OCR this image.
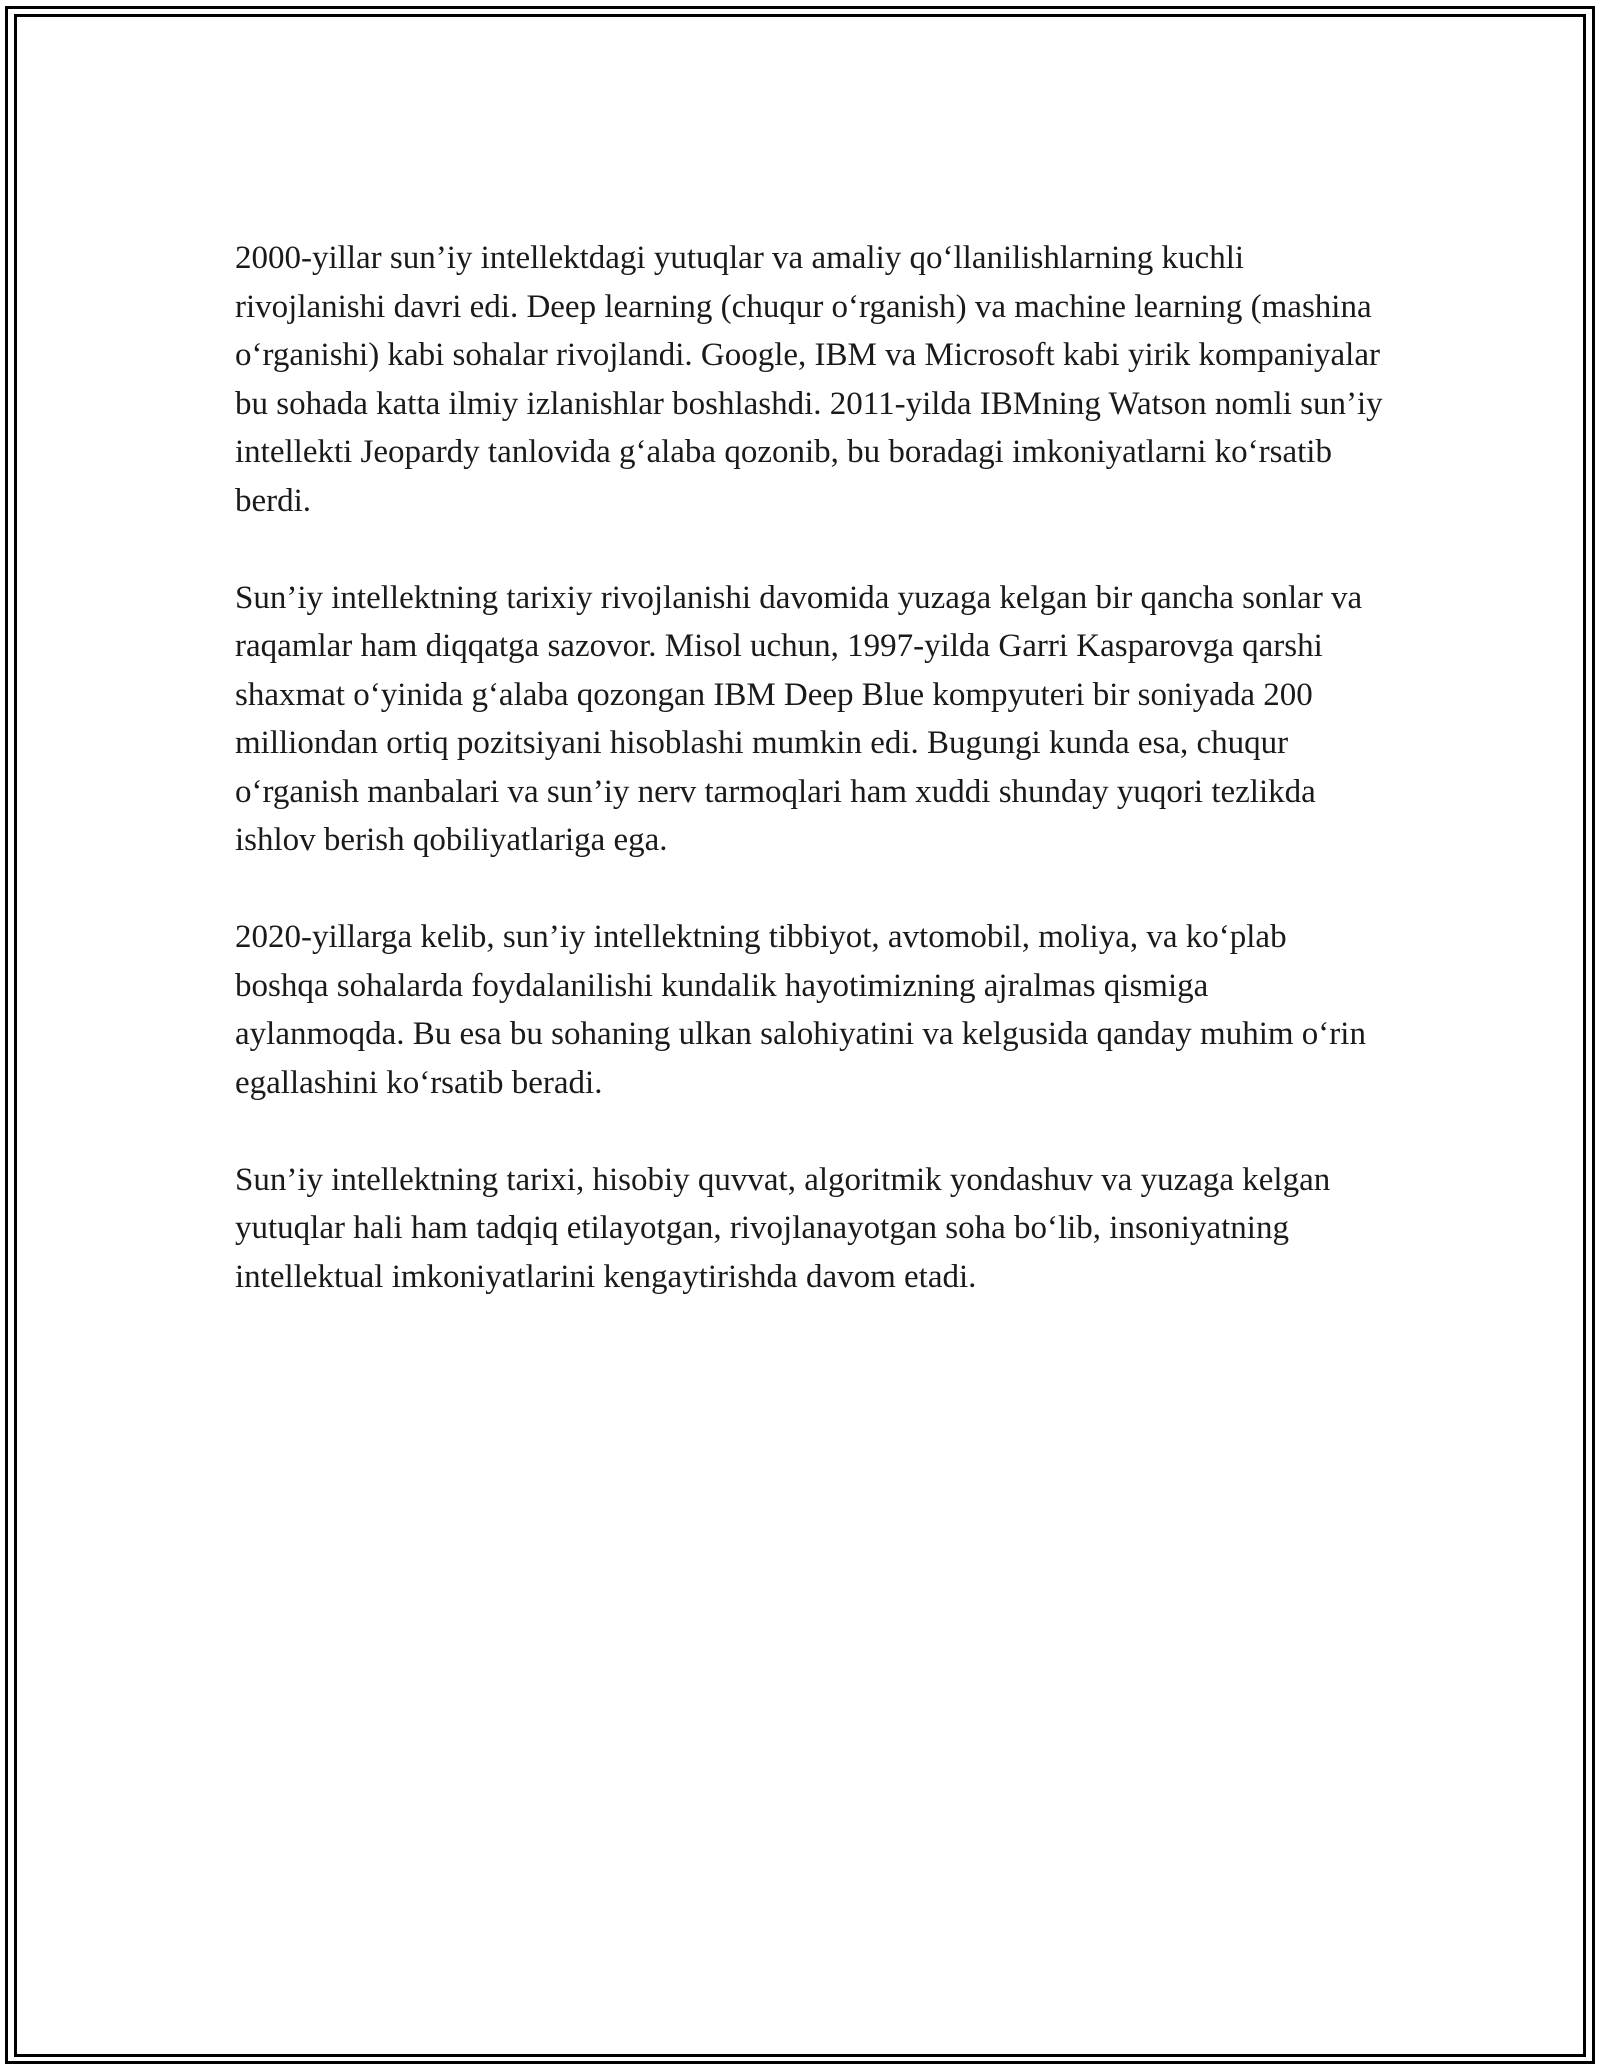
2000-yillar sun’iy intellektdagi yutuqlar va amaliy qo‘llanilishlarning kuchli rivojlanishi davri edi. Deep learning (chuqur o‘rganish) va machine learning (mashina o‘rganishi) kabi sohalar rivojlandi. Google, IBM va Microsoft kabi yirik kompaniyalar bu sohada katta ilmiy izlanishlar boshlashdi. 2011-yilda IBMning Watson nomli sun’iy intellekti Jeopardy tanlovida g‘alaba qozonib, bu boradagi imkoniyatlarni ko‘rsatib berdi.

Sun’iy intellektning tarixiy rivojlanishi davomida yuzaga kelgan bir qancha sonlar va raqamlar ham diqqatga sazovor. Misol uchun, 1997-yilda Garri Kasparovga qarshi shaxmat o‘yinida g‘alaba qozongan IBM Deep Blue kompyuteri bir soniyada 200 milliondan ortiq pozitsiyani hisoblashi mumkin edi. Bugungi kunda esa, chuqur o‘rganish manbalari va sun’iy nerv tarmoqlari ham xuddi shunday yuqori tezlikda ishlov berish qobiliyatlariga ega.

2020-yillarga kelib, sun’iy intellektning tibbiyot, avtomobil, moliya, va ko‘plab boshqa sohalarda foydalanilishi kundalik hayotimizning ajralmas qismiga aylanmoqda. Bu esa bu sohaning ulkan salohiyatini va kelgusida qanday muhim o‘rin egallashini ko‘rsatib beradi.

Sun’iy intellektning tarixi, hisobiy quvvat, algoritmik yondashuv va yuzaga kelgan yutuqlar hali ham tadqiq etilayotgan, rivojlanayotgan soha bo‘lib, insoniyatning intellektual imkoniyatlarini kengaytirishda davom etadi.
